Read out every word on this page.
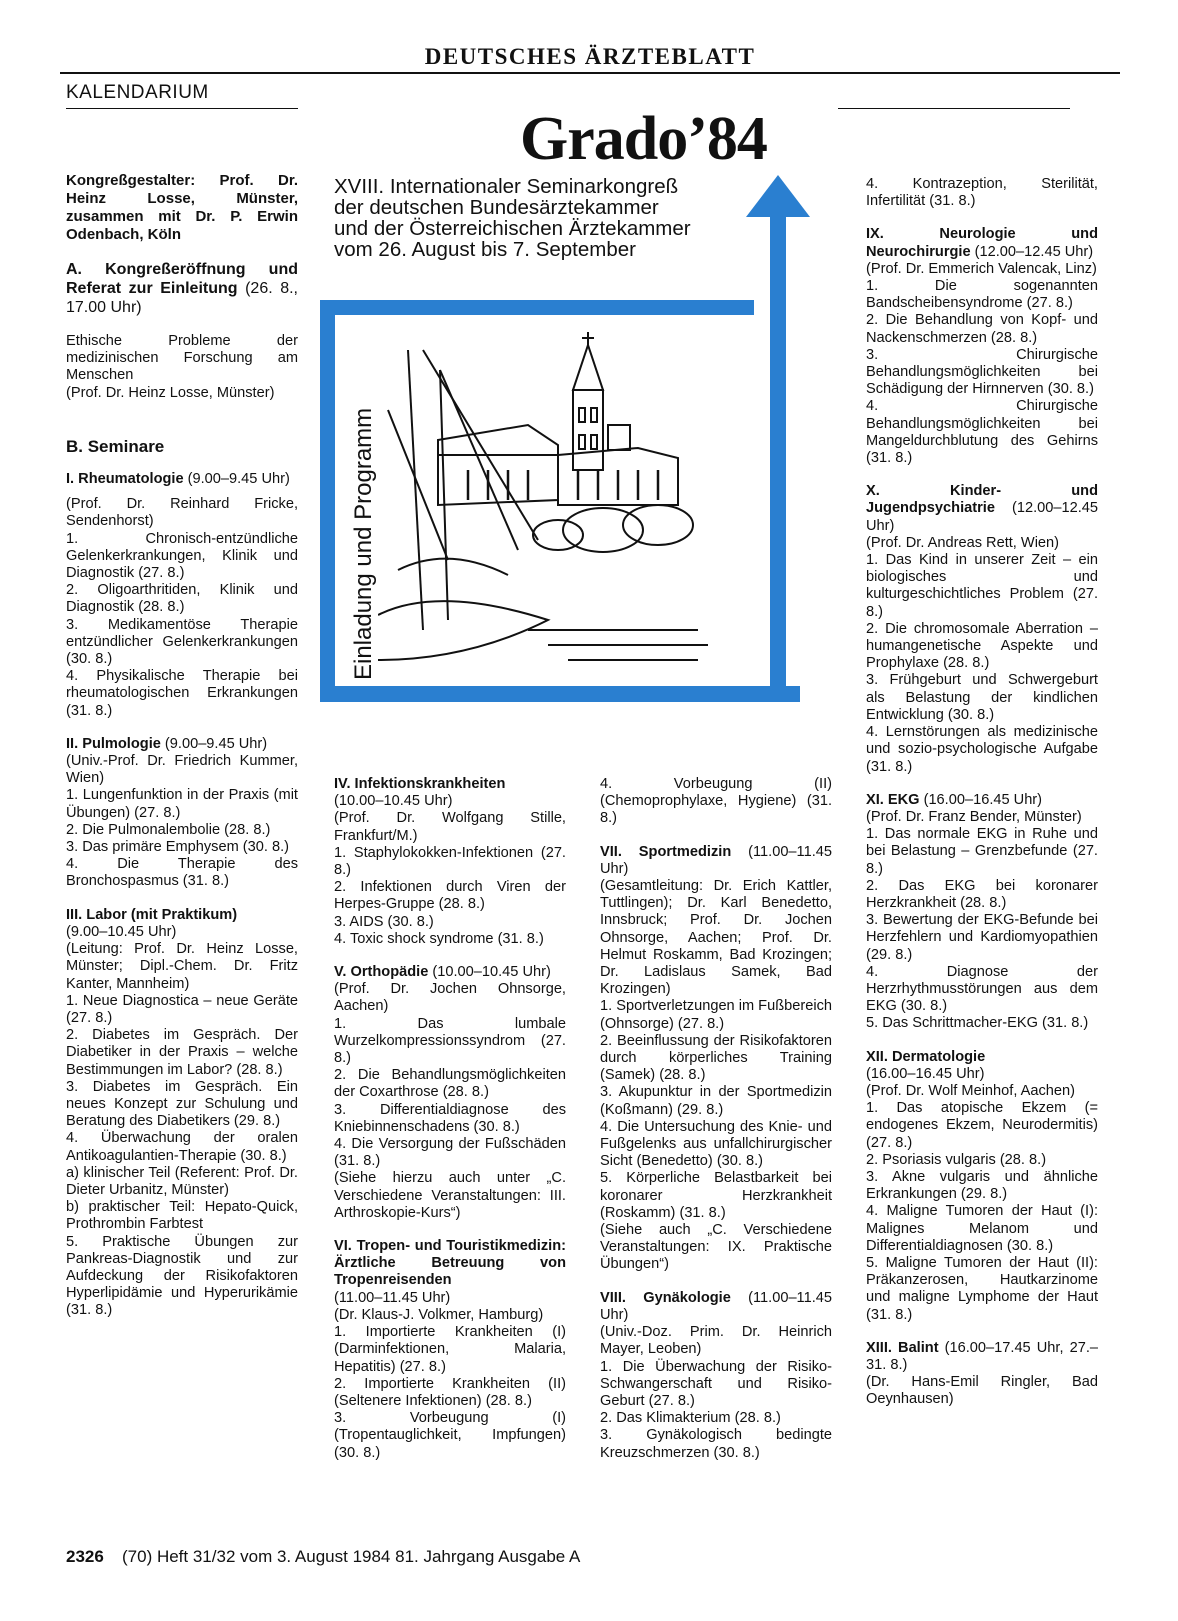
DEUTSCHES ÄRZTEBLATT
KALENDARIUM
Grado’84
XVIII. Internationaler Seminarkongreß
der deutschen Bundesärztekammer
und der Österreichischen Ärztekammer
vom 26. August bis 7. September
Einladung und Programm

Kongreßgestalter: Prof. Dr. Heinz Losse, Münster, zusammen mit Dr. P. Erwin Odenbach, Köln

A. Kongreßeröffnung und Referat zur Einleitung (26. 8., 17.00 Uhr)

Ethische Probleme der medizinischen Forschung am Menschen

(Prof. Dr. Heinz Losse, Münster)

B. Seminare

I. Rheumatologie (9.00–9.45 Uhr)

(Prof. Dr. Reinhard Fricke, Sendenhorst)

1. Chronisch-entzündliche Gelenkerkrankungen, Klinik und Diagnostik (27. 8.)

2. Oligoarthritiden, Klinik und Diagnostik (28. 8.)

3. Medikamentöse Therapie entzündlicher Gelenkerkrankungen (30. 8.)

4. Physikalische Therapie bei rheumatologischen Erkrankungen (31. 8.)

II. Pulmologie (9.00–9.45 Uhr)

(Univ.-Prof. Dr. Friedrich Kummer, Wien)

1. Lungenfunktion in der Praxis (mit Übungen) (27. 8.)

2. Die Pulmonalembolie (28. 8.)

3. Das primäre Emphysem (30. 8.)

4. Die Therapie des Bronchospasmus (31. 8.)

III. Labor (mit Praktikum)

(9.00–10.45 Uhr)

(Leitung: Prof. Dr. Heinz Losse, Münster; Dipl.-Chem. Dr. Fritz Kanter, Mannheim)

1. Neue Diagnostica – neue Geräte (27. 8.)

2. Diabetes im Gespräch. Der Diabetiker in der Praxis – welche Bestimmungen im Labor? (28. 8.)

3. Diabetes im Gespräch. Ein neues Konzept zur Schulung und Beratung des Diabetikers (29. 8.)

4. Überwachung der oralen Antikoagulantien-Therapie (30. 8.)

a) klinischer Teil (Referent: Prof. Dr. Dieter Urbanitz, Münster)

b) praktischer Teil: Hepato-Quick, Prothrombin Farbtest

5. Praktische Übungen zur Pankreas-Diagnostik und zur Aufdeckung der Risikofaktoren Hyperlipidämie und Hyperurikämie (31. 8.)

IV. Infektionskrankheiten

(10.00–10.45 Uhr)

(Prof. Dr. Wolfgang Stille, Frankfurt/M.)

1. Staphylokokken-Infektionen (27. 8.)

2. Infektionen durch Viren der Herpes-Gruppe (28. 8.)

3. AIDS (30. 8.)

4. Toxic shock syndrome (31. 8.)

V. Orthopädie (10.00–10.45 Uhr)

(Prof. Dr. Jochen Ohnsorge, Aachen)

1. Das lumbale Wurzelkompressionssyndrom (27. 8.)

2. Die Behandlungsmöglichkeiten der Coxarthrose (28. 8.)

3. Differentialdiagnose des Kniebinnenschadens (30. 8.)

4. Die Versorgung der Fußschäden (31. 8.)

(Siehe hierzu auch unter „C. Verschiedene Veranstaltungen: III. Arthroskopie-Kurs“)

VI. Tropen- und Touristikmedizin: Ärztliche Betreuung von Tropenreisenden

(11.00–11.45 Uhr)

(Dr. Klaus-J. Volkmer, Hamburg)

1. Importierte Krankheiten (I) (Darminfektionen, Malaria, Hepatitis) (27. 8.)

2. Importierte Krankheiten (II) (Seltenere Infektionen) (28. 8.)

3. Vorbeugung (I) (Tropentauglichkeit, Impfungen) (30. 8.)

4. Vorbeugung (II) (Chemoprophylaxe, Hygiene) (31. 8.)

VII. Sportmedizin (11.00–11.45 Uhr)

(Gesamtleitung: Dr. Erich Kattler, Tuttlingen); Dr. Karl Benedetto, Innsbruck; Prof. Dr. Jochen Ohnsorge, Aachen; Prof. Dr. Helmut Roskamm, Bad Krozingen; Dr. Ladislaus Samek, Bad Krozingen)

1. Sportverletzungen im Fußbereich (Ohnsorge) (27. 8.)

2. Beeinflussung der Risikofaktoren durch körperliches Training (Samek) (28. 8.)

3. Akupunktur in der Sportmedizin (Koßmann) (29. 8.)

4. Die Untersuchung des Knie- und Fußgelenks aus unfallchirurgischer Sicht (Benedetto) (30. 8.)

5. Körperliche Belastbarkeit bei koronarer Herzkrankheit (Roskamm) (31. 8.)

(Siehe auch „C. Verschiedene Veranstaltungen: IX. Praktische Übungen“)

VIII. Gynäkologie (11.00–11.45 Uhr)

(Univ.-Doz. Prim. Dr. Heinrich Mayer, Leoben)

1. Die Überwachung der Risiko-Schwangerschaft und Risiko-Geburt (27. 8.)

2. Das Klimakterium (28. 8.)

3. Gynäkologisch bedingte Kreuzschmerzen (30. 8.)

4. Kontrazeption, Sterilität, Infertilität (31. 8.)

IX. Neurologie und Neurochirurgie (12.00–12.45 Uhr)

(Prof. Dr. Emmerich Valencak, Linz)

1. Die sogenannten Bandscheibensyndrome (27. 8.)

2. Die Behandlung von Kopf- und Nackenschmerzen (28. 8.)

3. Chirurgische Behandlungsmöglichkeiten bei Schädigung der Hirnnerven (30. 8.)

4. Chirurgische Behandlungsmöglichkeiten bei Mangeldurchblutung des Gehirns (31. 8.)

X. Kinder- und Jugendpsychiatrie (12.00–12.45 Uhr)

(Prof. Dr. Andreas Rett, Wien)

1. Das Kind in unserer Zeit – ein biologisches und kulturgeschichtliches Problem (27. 8.)

2. Die chromosomale Aberration – humangenetische Aspekte und Prophylaxe (28. 8.)

3. Frühgeburt und Schwergeburt als Belastung der kindlichen Entwicklung (30. 8.)

4. Lernstörungen als medizinische und sozio-psychologische Aufgabe (31. 8.)

XI. EKG (16.00–16.45 Uhr)

(Prof. Dr. Franz Bender, Münster)

1. Das normale EKG in Ruhe und bei Belastung – Grenzbefunde (27. 8.)

2. Das EKG bei koronarer Herzkrankheit (28. 8.)

3. Bewertung der EKG-Befunde bei Herzfehlern und Kardiomyopathien (29. 8.)

4. Diagnose der Herzrhythmusstörungen aus dem EKG (30. 8.)

5. Das Schrittmacher-EKG (31. 8.)

XII. Dermatologie

(16.00–16.45 Uhr)

(Prof. Dr. Wolf Meinhof, Aachen)

1. Das atopische Ekzem (= endogenes Ekzem, Neurodermitis) (27. 8.)

2. Psoriasis vulgaris (28. 8.)

3. Akne vulgaris und ähnliche Erkrankungen (29. 8.)

4. Maligne Tumoren der Haut (I): Malignes Melanom und Differentialdiagnosen (30. 8.)

5. Maligne Tumoren der Haut (II): Präkanzerosen, Hautkarzinome und maligne Lymphome der Haut (31. 8.)

XIII. Balint (16.00–17.45 Uhr, 27.–31. 8.)

(Dr. Hans-Emil Ringler, Bad Oeynhausen)

2326 (70) Heft 31/32 vom 3. August 1984 81. Jahrgang Ausgabe A
